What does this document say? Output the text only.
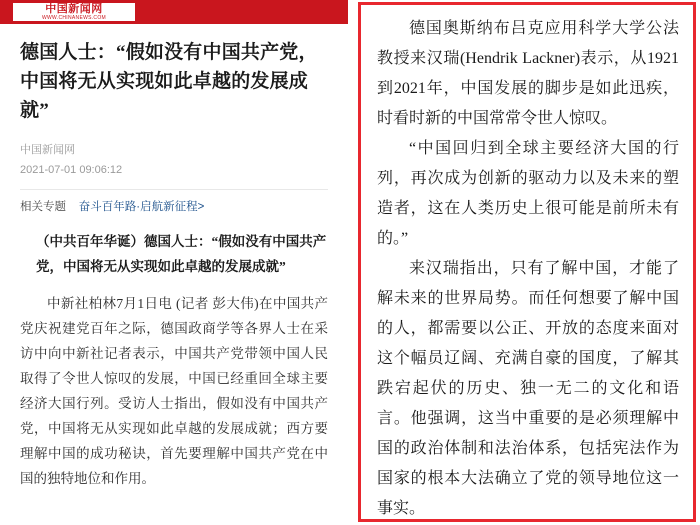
中国新闻网
WWW.CHINANEWS.COM
德国人士：“假如没有中国共产党，中国将无从实现如此卓越的发展成就”
中国新闻网
2021-07-01 09:06:12
相关专题 奋斗百年路·启航新征程>

（中共百年华诞）德国人士：“假如没有中国共产党，中国将无从实现如此卓越的发展成就”

中新社柏林7月1日电 (记者 彭大伟)在中国共产党庆祝建党百年之际，德国政商学等各界人士在采访中向中新社记者表示，中国共产党带领中国人民取得了令世人惊叹的发展，中国已经重回全球主要经济大国行列。受访人士指出，假如没有中国共产党，中国将无从实现如此卓越的发展成就；西方要理解中国的成功秘诀，首先要理解中国共产党在中国的独特地位和作用。

德国奥斯纳布吕克应用科学大学公法教授来汉瑞(Hendrik Lackner)表示，从1921到2021年，中国发展的脚步是如此迅疾，时看时新的中国常常令世人惊叹。

“中国回归到全球主要经济大国的行列，再次成为创新的驱动力以及未来的塑造者，这在人类历史上很可能是前所未有的。”

来汉瑞指出，只有了解中国，才能了解未来的世界局势。而任何想要了解中国的人，都需要以公正、开放的态度来面对这个幅员辽阔、充满自豪的国度，了解其跌宕起伏的历史、独一无二的文化和语言。他强调，这当中重要的是必须理解中国的政治体制和法治体系，包括宪法作为国家的根本大法确立了党的领导地位这一事实。
